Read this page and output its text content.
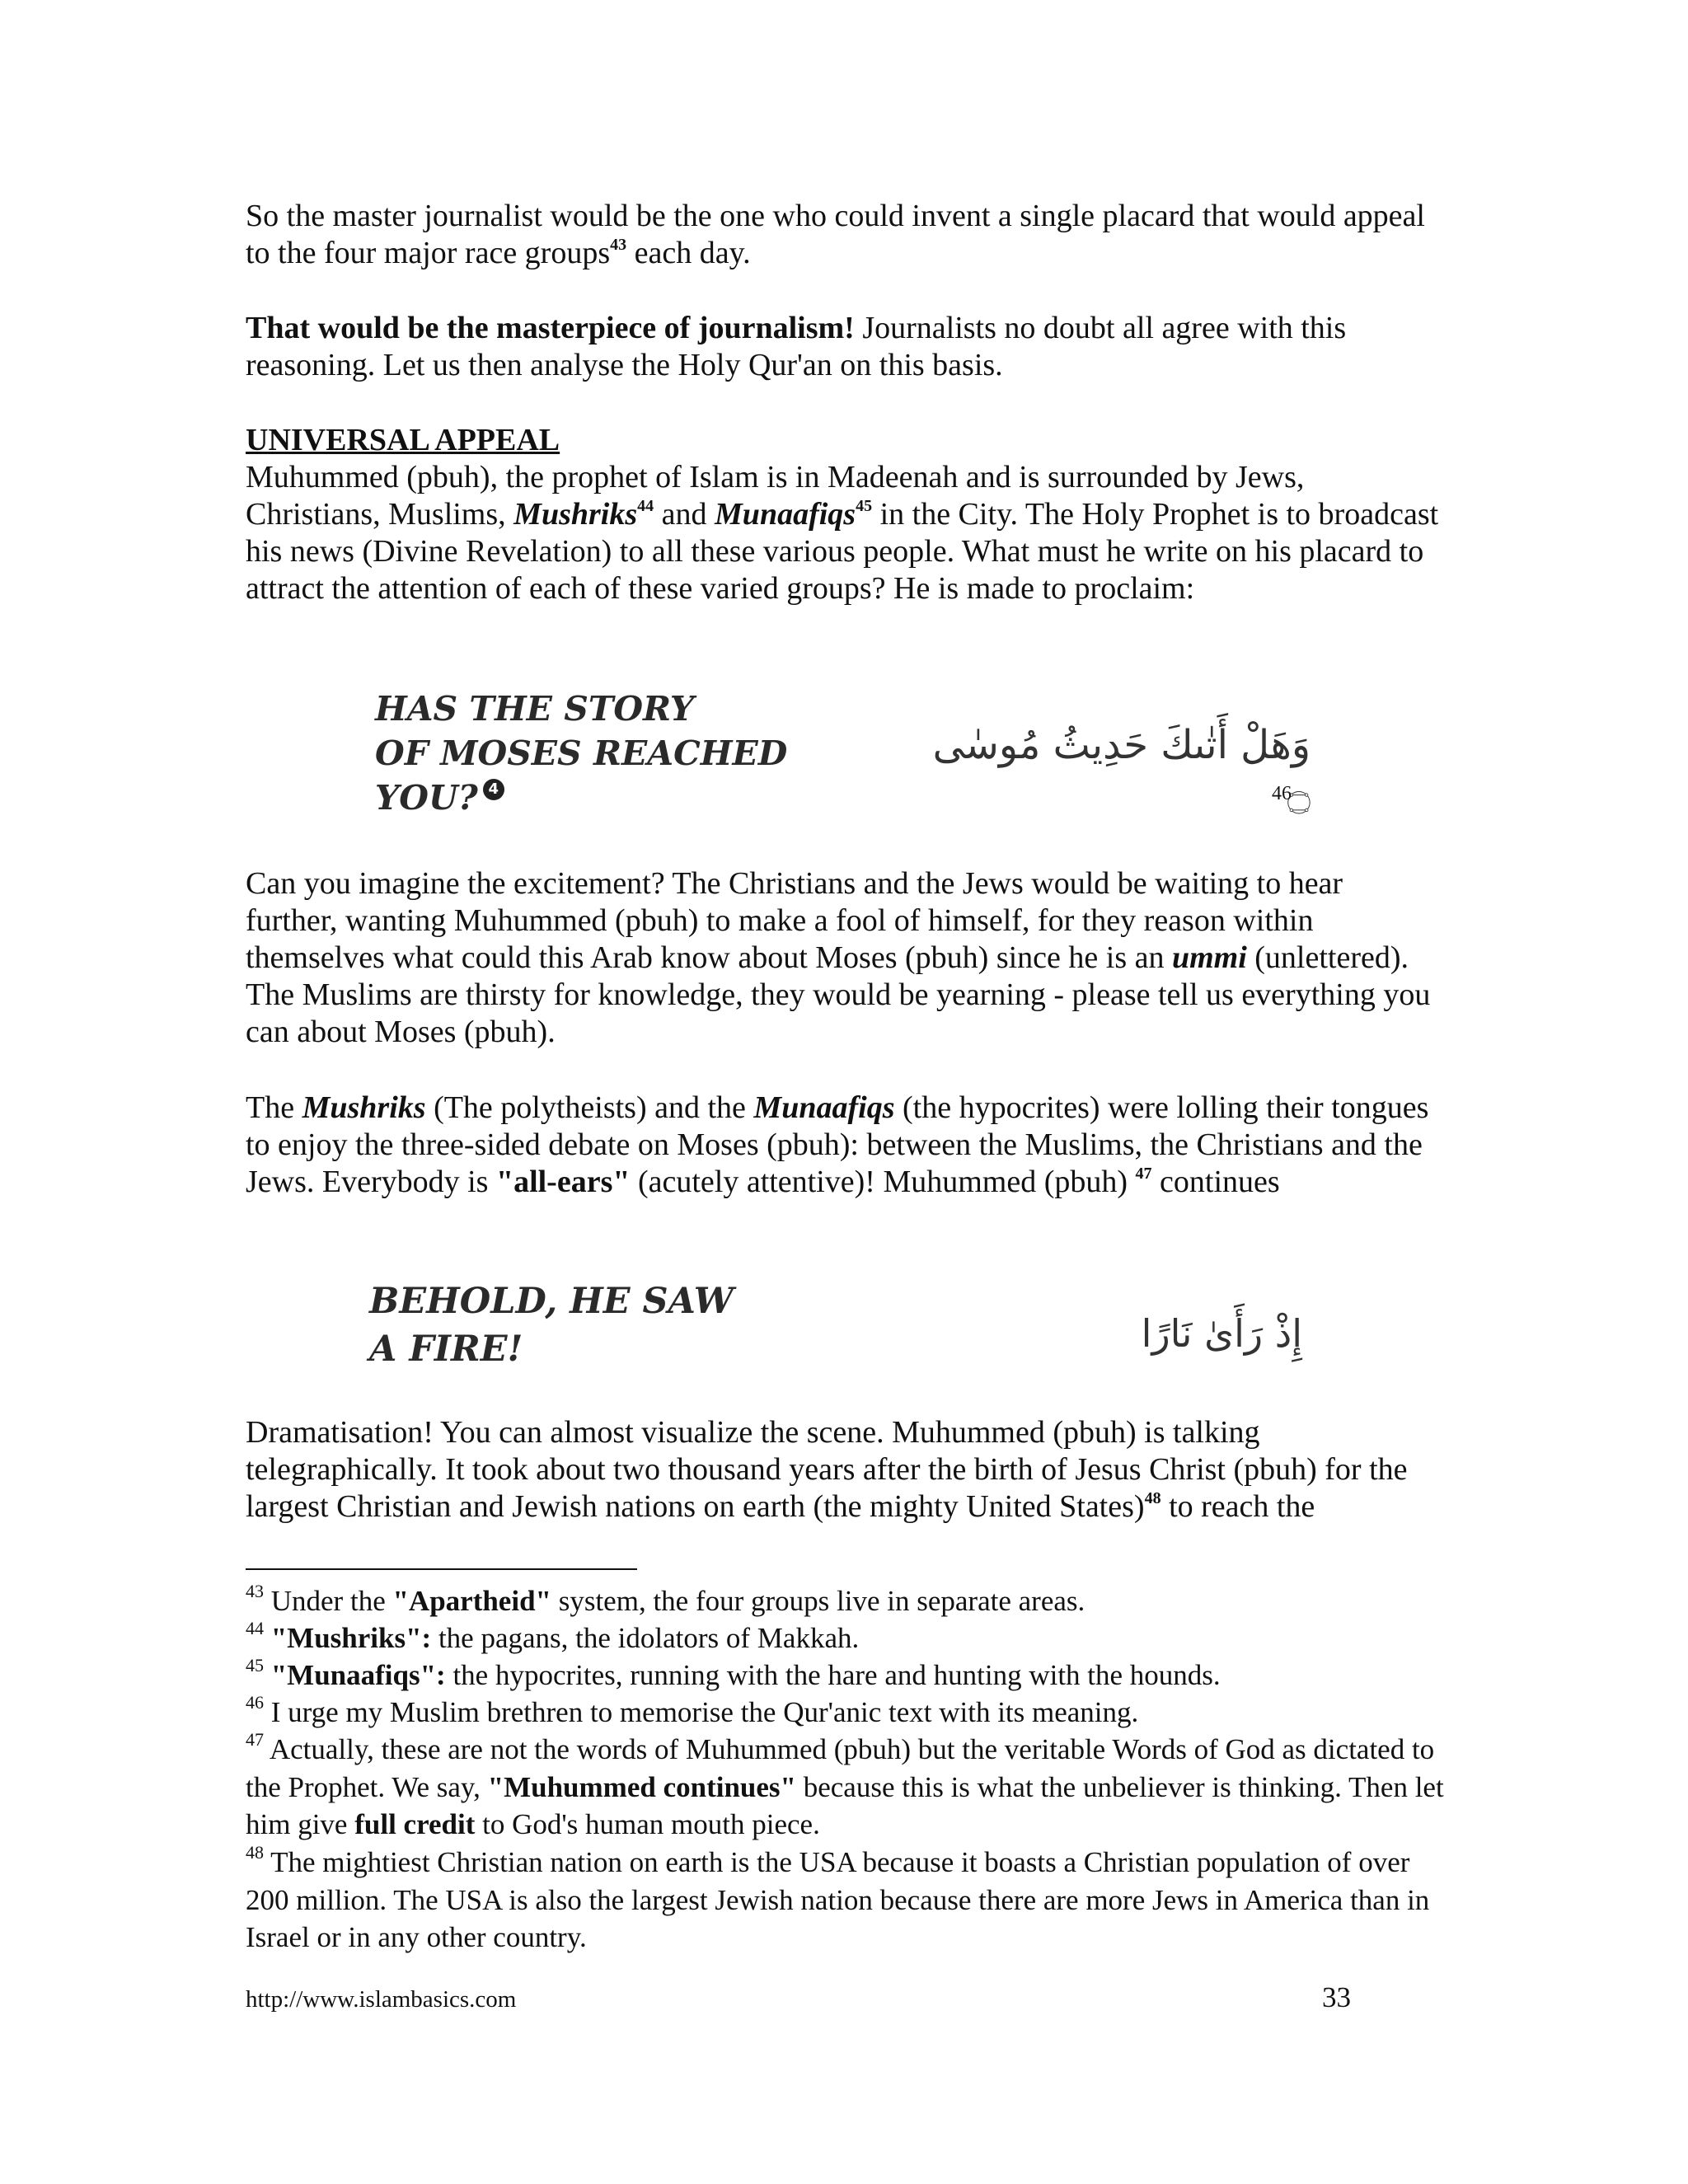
So the master journalist would be the one who could invent a single placard that would appeal to the four major race groups$^{43}$ each day.

That would be the masterpiece of journalism! Journalists no doubt all agree with this reasoning. Let us then analyse the Holy Qur'an on this basis.

UNIVERSAL APPEAL

Muhummed (pbuh), the prophet of Islam is in Madeenah and is surrounded by Jews, Christians, Muslims, Mushriks$^{44}$ and Munaafiqs$^{45}$ in the City. The Holy Prophet is to broadcast his news (Divine Revelation) to all these various people. What must he write on his placard to attract the attention of each of these varied groups? He is made to proclaim:

HAS THE STORY
OF MOSES REACHED
YOU? 4
وَهَلْ أَتٰىكَ حَدِيثُ مُوسٰى ۝
46

Can you imagine the excitement? The Christians and the Jews would be waiting to hear further, wanting Muhummed (pbuh) to make a fool of himself, for they reason within themselves what could this Arab know about Moses (pbuh) since he is an ummi (unlettered). The Muslims are thirsty for knowledge, they would be yearning - please tell us everything you can about Moses (pbuh).

The Mushriks (The polytheists) and the Munaafiqs (the hypocrites) were lolling their tongues to enjoy the three-sided debate on Moses (pbuh): between the Muslims, the Christians and the Jews. Everybody is "all-ears" (acutely attentive)! Muhummed (pbuh) $^{47}$ continues

BEHOLD, HE SAW
A FIRE!	إِذْ رَأَىٰ نَارًا

Dramatisation! You can almost visualize the scene. Muhummed (pbuh) is talking telegraphically. It took about two thousand years after the birth of Jesus Christ (pbuh) for the largest Christian and Jewish nations on earth (the mighty United States)$^{48}$ to reach the

$^{43}$ Under the "Apartheid" system, the four groups live in separate areas.
$^{44}$ "Mushriks": the pagans, the idolators of Makkah.
$^{45}$ "Munaafiqs": the hypocrites, running with the hare and hunting with the hounds.
$^{46}$ I urge my Muslim brethren to memorise the Qur'anic text with its meaning.
$^{47}$ Actually, these are not the words of Muhummed (pbuh) but the veritable Words of God as dictated to the Prophet. We say, "Muhummed continues" because this is what the unbeliever is thinking. Then let him give full credit to God's human mouth piece.
$^{48}$ The mightiest Christian nation on earth is the USA because it boasts a Christian population of over 200 million. The USA is also the largest Jewish nation because there are more Jews in America than in Israel or in any other country.
http://www.islambasics.com	33
